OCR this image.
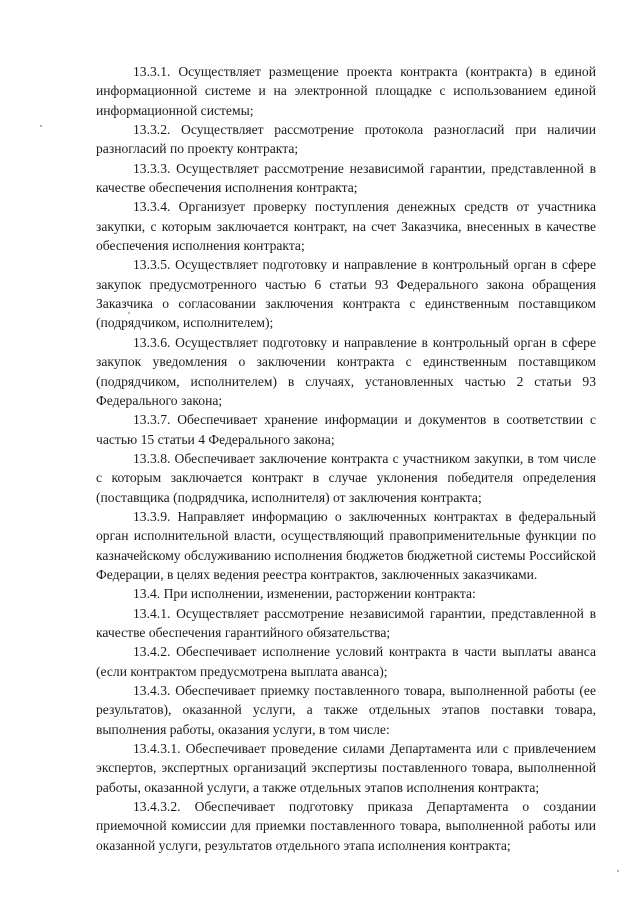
13.3.1. Осуществляет размещение проекта контракта (контракта) в единой информационной системе и на электронной площадке с использованием единой информационной системы;

13.3.2. Осуществляет рассмотрение протокола разногласий при наличии разногласий по проекту контракта;

13.3.3. Осуществляет рассмотрение независимой гарантии, представленной в качестве обеспечения исполнения контракта;

13.3.4. Организует проверку поступления денежных средств от участника закупки, с которым заключается контракт, на счет Заказчика, внесенных в качестве обеспечения исполнения контракта;

13.3.5. Осуществляет подготовку и направление в контрольный орган в сфере закупок предусмотренного частью 6 статьи 93 Федерального закона обращения Заказчика о согласовании заключения контракта с единственным поставщиком (подрядчиком, исполнителем);

13.3.6. Осуществляет подготовку и направление в контрольный орган в сфере закупок уведомления о заключении контракта с единственным поставщиком (подрядчиком, исполнителем) в случаях, установленных частью 2 статьи 93 Федерального закона;

13.3.7. Обеспечивает хранение информации и документов в соответствии с частью 15 статьи 4 Федерального закона;

13.3.8. Обеспечивает заключение контракта с участником закупки, в том числе с которым заключается контракт в случае уклонения победителя определения (поставщика (подрядчика, исполнителя) от заключения контракта;

13.3.9. Направляет информацию о заключенных контрактах в федеральный орган исполнительной власти, осуществляющий правоприменительные функции по казначейскому обслуживанию исполнения бюджетов бюджетной системы Российской Федерации, в целях ведения реестра контрактов, заключенных заказчиками.

13.4. При исполнении, изменении, расторжении контракта:

13.4.1. Осуществляет рассмотрение независимой гарантии, представленной в качестве обеспечения гарантийного обязательства;

13.4.2. Обеспечивает исполнение условий контракта в части выплаты аванса (если контрактом предусмотрена выплата аванса);

13.4.3. Обеспечивает приемку поставленного товара, выполненной работы (ее результатов), оказанной услуги, а также отдельных этапов поставки товара, выполнения работы, оказания услуги, в том числе:

13.4.3.1. Обеспечивает проведение силами Департамента или с привлечением экспертов, экспертных организаций экспертизы поставленного товара, выполненной работы, оказанной услуги, а также отдельных этапов исполнения контракта;

13.4.3.2. Обеспечивает подготовку приказа Департамента о создании приемочной комиссии для приемки поставленного товара, выполненной работы или оказанной услуги, результатов отдельного этапа исполнения контракта;
